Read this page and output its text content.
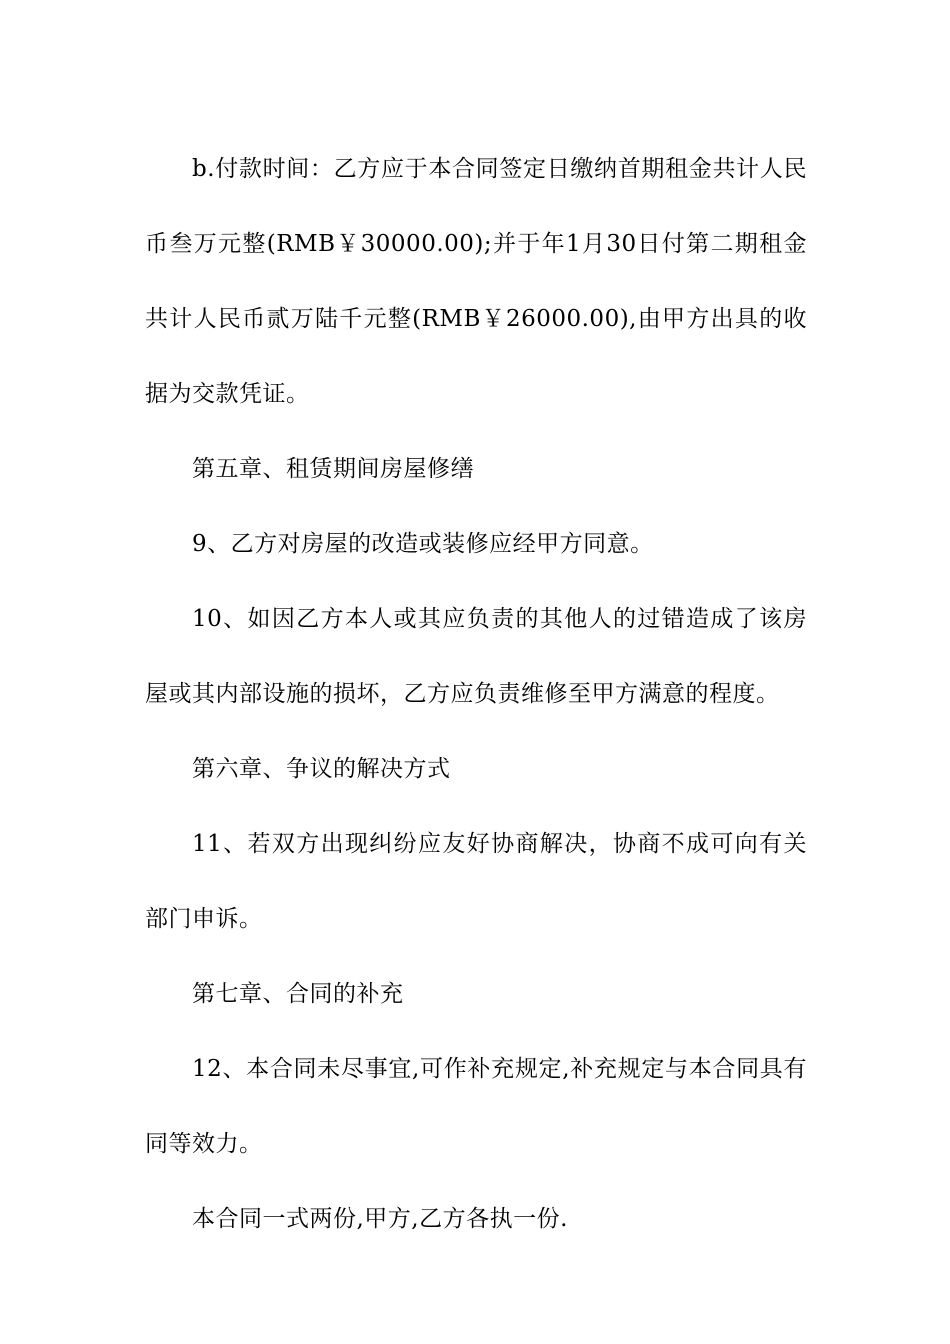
b.付款时间：乙方应于本合同签定日缴纳首期租金共计人民币叁万元整(RMB￥30000.00);并于年1月30日付第二期租金共计人民币贰万陆千元整(RMB￥26000.00),由甲方出具的收据为交款凭证。

第五章、租赁期间房屋修缮

9、乙方对房屋的改造或装修应经甲方同意。

10、如因乙方本人或其应负责的其他人的过错造成了该房屋或其内部设施的损坏，乙方应负责维修至甲方满意的程度。

第六章、争议的解决方式

11、若双方出现纠纷应友好协商解决，协商不成可向有关部门申诉。

第七章、合同的补充

12、本合同未尽事宜,可作补充规定,补充规定与本合同具有同等效力。

本合同一式两份,甲方,乙方各执一份.
